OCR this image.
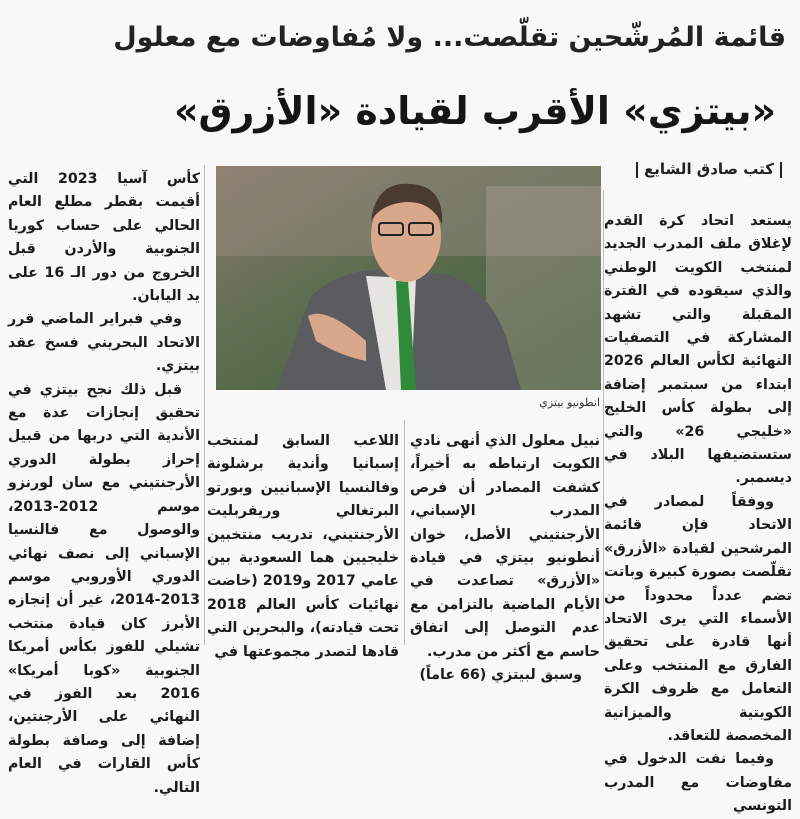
قائمة المُرشّحين تقلّصت... ولا مُفاوضات مع معلول
«بيتزي» الأقرب لقيادة «الأزرق»
كتب صادق الشايع
انطونيو بيتزي

يستعد اتحاد كرة القدم لإغلاق ملف المدرب الجديد لمنتخب الكويت الوطني والذي سيقوده في الفترة المقبلة والتي تشهد المشاركة في التصفيات النهائية لكأس العالم 2026 ابتداء من سبتمبر إضافة إلى بطولة كأس الخليج «خليجي 26» والتي ستستضيفها البلاد في ديسمبر.

ووفقاً لمصادر في الاتحاد فإن قائمة المرشحين لقيادة «الأزرق» تقلّصت بصورة كبيرة وباتت تضم عدداً محدوداً من الأسماء التي يرى الاتحاد أنها قادرة على تحقيق الفارق مع المنتخب وعلى التعامل مع ظروف الكرة الكويتية والميزانية المخصصة للتعاقد.

وفيما نفت الدخول في مفاوضات مع المدرب التونسي

نبيل معلول الذي أنهى نادي الكويت ارتباطه به أخيراً، كشفت المصادر أن فرص المدرب الإسباني، الأرجنتيني الأصل، خوان أنطونيو بيتزي في قيادة «الأزرق» تصاعدت في الأيام الماضية بالتزامن مع عدم التوصل إلى اتفاق حاسم مع أكثر من مدرب.

وسبق لبيتزي (66 عاماً)

اللاعب السابق لمنتخب إسبانيا وأندية برشلونة وفالنسيا الإسبانيين وبورتو البرتغالي وريفربليت الأرجنتيني، تدريب منتخبين خليجيين هما السعودية بين عامي 2017 و2019 (خاضت نهائيات كأس العالم 2018 تحت قيادته)، والبحرين التي قادها لتصدر مجموعتها في

كأس آسيا 2023 التي أقيمت بقطر مطلع العام الحالي على حساب كوريا الجنوبية والأردن قبل الخروج من دور الـ 16 على يد اليابان.

وفي فبراير الماضي قرر الاتحاد البحريني فسخ عقد بيتزي.

قبل ذلك نجح بيتزي في تحقيق إنجازات عدة مع الأندية التي دربها من قبيل إحراز بطولة الدوري الأرجنتيني مع سان لورنزو موسم 2012-2013، والوصول مع فالنسيا الإسباني إلى نصف نهائي الدوري الأوروبي موسم 2013-2014، غير أن إنجازه الأبرز كان قيادة منتخب تشيلي للفوز بكأس أمريكا الجنوبية «كوبا أمريكا» 2016 بعد الفوز في النهائي على الأرجنتين، إضافة إلى وصافة بطولة كأس القارات في العام التالي.
